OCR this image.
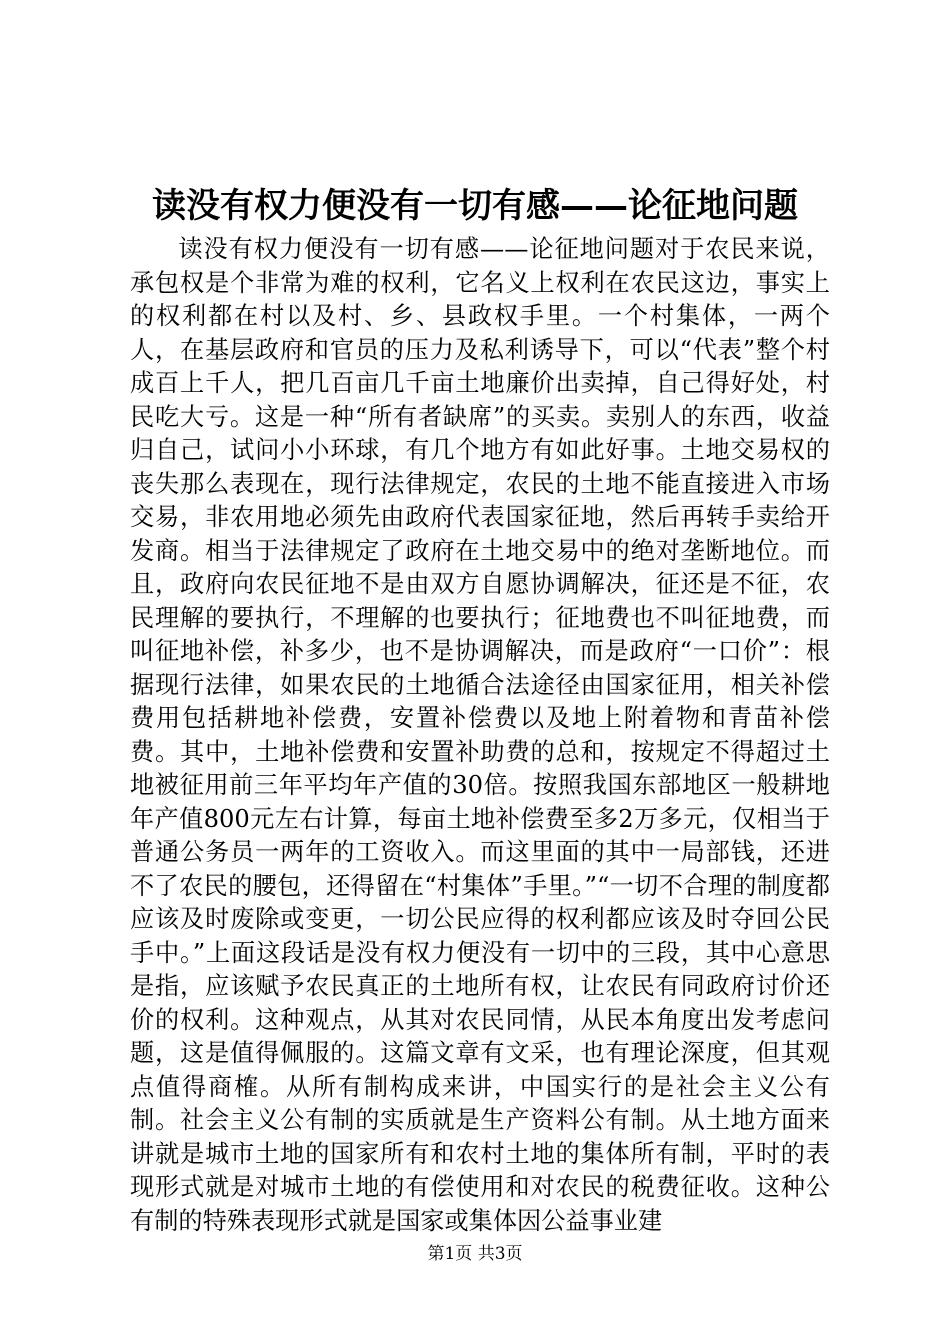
读没有权力便没有一切有感——论征地问题

读没有权力便没有一切有感——论征地问题对于农民来说，承包权是个非常为难的权利，它名义上权利在农民这边，事实上的权利都在村以及村、乡、县政权手里。一个村集体，一两个人，在基层政府和官员的压力及私利诱导下，可以“代表”整个村成百上千人，把几百亩几千亩土地廉价出卖掉，自己得好处，村民吃大亏。这是一种“所有者缺席”的买卖。卖别人的东西，收益归自己，试问小小环球，有几个地方有如此好事。土地交易权的丧失那么表现在，现行法律规定，农民的土地不能直接进入市场交易，非农用地必须先由政府代表国家征地，然后再转手卖给开发商。相当于法律规定了政府在土地交易中的绝对垄断地位。而且，政府向农民征地不是由双方自愿协调解决，征还是不征，农民理解的要执行，不理解的也要执行；征地费也不叫征地费，而叫征地补偿，补多少，也不是协调解决，而是政府“一口价”：根据现行法律，如果农民的土地循合法途径由国家征用，相关补偿费用包括耕地补偿费，安置补偿费以及地上附着物和青苗补偿费。其中，土地补偿费和安置补助费的总和，按规定不得超过土地被征用前三年平均年产值的30倍。按照我国东部地区一般耕地年产值800元左右计算，每亩土地补偿费至多2万多元，仅相当于普通公务员一两年的工资收入。而这里面的其中一局部钱，还进不了农民的腰包，还得留在“村集体”手里。”“一切不合理的制度都应该及时废除或变更，一切公民应得的权利都应该及时夺回公民手中。”上面这段话是没有权力便没有一切中的三段，其中心意思是指，应该赋予农民真正的土地所有权，让农民有同政府讨价还价的权利。这种观点，从其对农民同情，从民本角度出发考虑问题，这是值得佩服的。这篇文章有文采，也有理论深度，但其观点值得商榷。从所有制构成来讲，中国实行的是社会主义公有制。社会主义公有制的实质就是生产资料公有制。从土地方面来讲就是城市土地的国家所有和农村土地的集体所有制，平时的表现形式就是对城市土地的有偿使用和对农民的税费征收。这种公有制的特殊表现形式就是国家或集体因公益事业建

第1页 共3页
